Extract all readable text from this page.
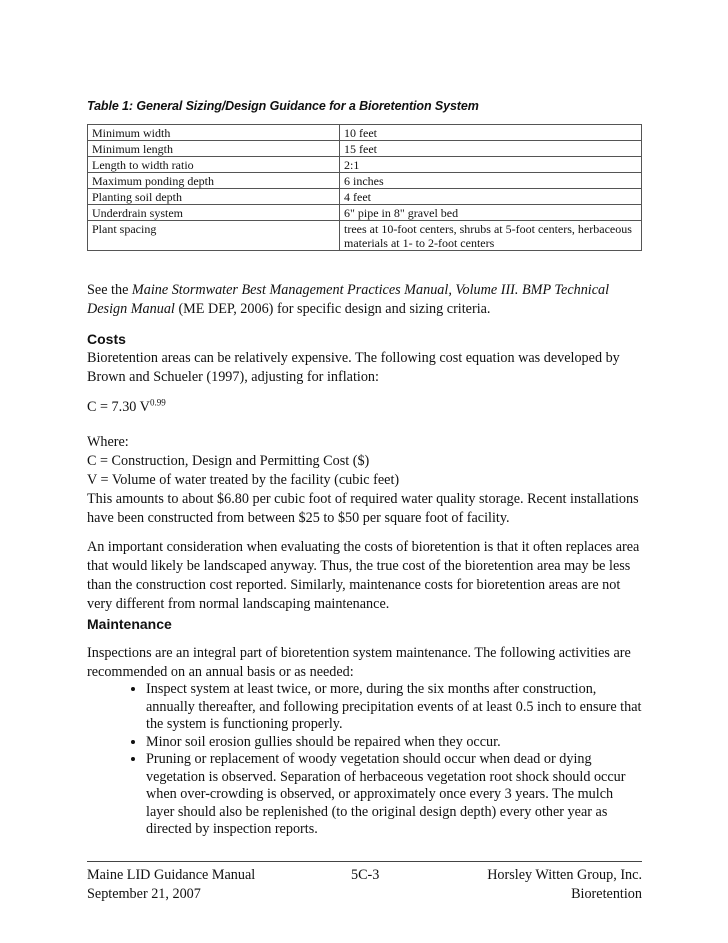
Table 1: General Sizing/Design Guidance for a Bioretention System
Minimum width	10 feet
Minimum length	15 feet
Length to width ratio	2:1
Maximum ponding depth	6 inches
Planting soil depth	4 feet
Underdrain system	6" pipe in 8" gravel bed
Plant spacing	trees at 10-foot centers, shrubs at 5-foot centers, herbaceous materials at 1- to 2-foot centers

See the Maine Stormwater Best Management Practices Manual, Volume III. BMP Technical Design Manual (ME DEP, 2006) for specific design and sizing criteria.

Costs

Bioretention areas can be relatively expensive. The following cost equation was developed by Brown and Schueler (1997), adjusting for inflation:

C = 7.30 $V^{0.99}$

Where:

C = Construction, Design and Permitting Cost ($)

V = Volume of water treated by the facility (cubic feet)

This amounts to about $6.80 per cubic foot of required water quality storage. Recent installations have been constructed from between $25 to $50 per square foot of facility.

An important consideration when evaluating the costs of bioretention is that it often replaces area that would likely be landscaped anyway. Thus, the true cost of the bioretention area may be less than the construction cost reported. Similarly, maintenance costs for bioretention areas are not very different from normal landscaping maintenance.

Maintenance

Inspections are an integral part of bioretention system maintenance. The following activities are recommended on an annual basis or as needed:

Maine LID Guidance Manual	5C-3	Horsley Witten Group, Inc.
September 21, 2007	Bioretention
• Inspect system at least twice, or more, during the six months after construction, annually thereafter, and following precipitation events of at least 0.5 inch to ensure that the system is functioning properly.
• Minor soil erosion gullies should be repaired when they occur.
• Pruning or replacement of woody vegetation should occur when dead or dying vegetation is observed. Separation of herbaceous vegetation root shock should occur when over-crowding is observed, or approximately once every 3 years. The mulch layer should also be replenished (to the original design depth) every other year as directed by inspection reports.
